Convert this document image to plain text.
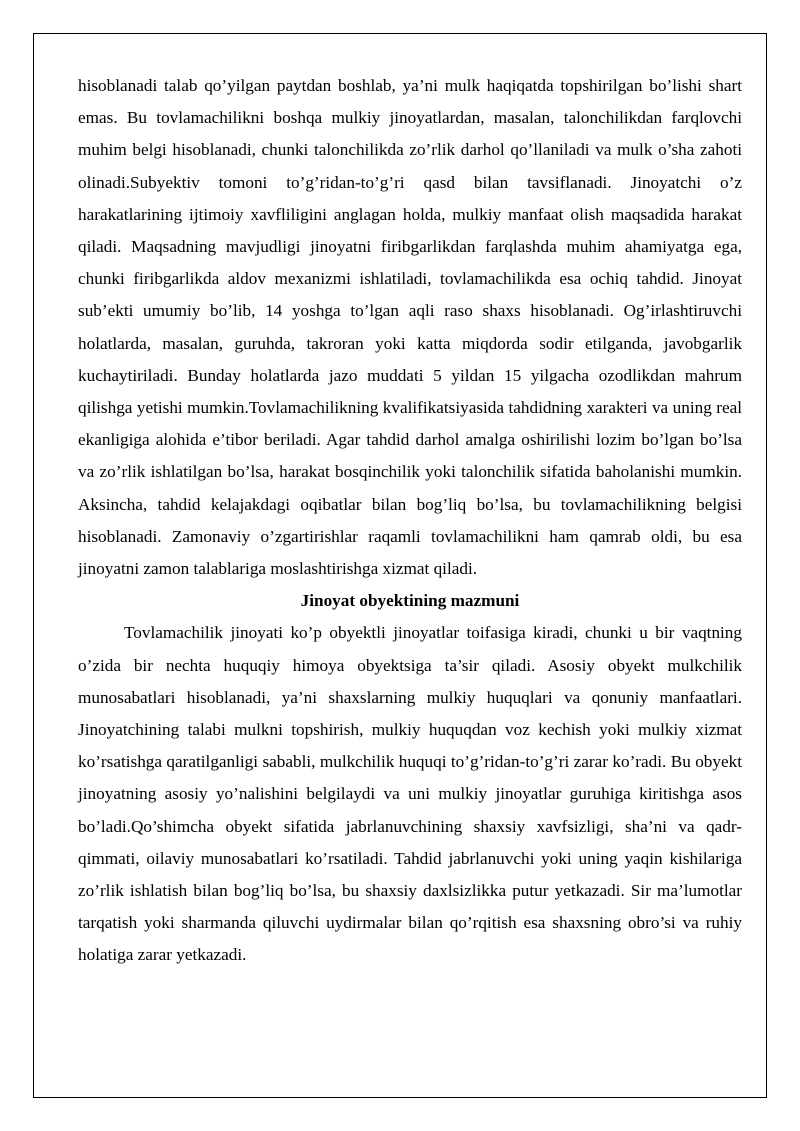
hisoblanadi talab qo’yilgan paytdan boshlab, ya’ni mulk haqiqatda topshirilgan bo’lishi shart emas. Bu tovlamachilikni boshqa mulkiy jinoyatlardan, masalan, talonchilikdan farqlovchi muhim belgi hisoblanadi, chunki talonchilikda zo’rlik darhol qo’llaniladi va mulk o’sha zahoti olinadi.Subyektiv tomoni to’g’ridan-to’g’ri qasd bilan tavsiflanadi. Jinoyatchi o’z harakatlarining ijtimoiy xavfliligini anglagan holda, mulkiy manfaat olish maqsadida harakat qiladi. Maqsadning mavjudligi jinoyatni firibgarlikdan farqlashda muhim ahamiyatga ega, chunki firibgarlikda aldov mexanizmi ishlatiladi, tovlamachilikda esa ochiq tahdid. Jinoyat sub’ekti umumiy bo’lib, 14 yoshga to’lgan aqli raso shaxs hisoblanadi. Og’irlashtiruvchi holatlarda, masalan, guruhda, takroran yoki katta miqdorda sodir etilganda, javobgarlik kuchaytiriladi. Bunday holatlarda jazo muddati 5 yildan 15 yilgacha ozodlikdan mahrum qilishga yetishi mumkin.Tovlamachilikning kvalifikatsiyasida tahdidning xarakteri va uning real ekanligiga alohida e’tibor beriladi. Agar tahdid darhol amalga oshirilishi lozim bo’lgan bo’lsa va zo’rlik ishlatilgan bo’lsa, harakat bosqinchilik yoki talonchilik sifatida baholanishi mumkin. Aksincha, tahdid kelajakdagi oqibatlar bilan bog’liq bo’lsa, bu tovlamachilikning belgisi hisoblanadi. Zamonaviy o’zgartirishlar raqamli tovlamachilikni ham qamrab oldi, bu esa jinoyatni zamon talablariga moslashtirishga xizmat qiladi.

Jinoyat obyektining mazmuni

Tovlamachilik jinoyati ko’p obyektli jinoyatlar toifasiga kiradi, chunki u bir vaqtning o’zida bir nechta huquqiy himoya obyektsiga ta’sir qiladi. Asosiy obyekt mulkchilik munosabatlari hisoblanadi, ya’ni shaxslarning mulkiy huquqlari va qonuniy manfaatlari. Jinoyatchining talabi mulkni topshirish, mulkiy huquqdan voz kechish yoki mulkiy xizmat ko’rsatishga qaratilganligi sababli, mulkchilik huquqi to’g’ridan-to’g’ri zarar ko’radi. Bu obyekt jinoyatning asosiy yo’nalishini belgilaydi va uni mulkiy jinoyatlar guruhiga kiritishga asos bo’ladi.Qo’shimcha obyekt sifatida jabrlanuvchining shaxsiy xavfsizligi, sha’ni va qadr-qimmati, oilaviy munosabatlari ko’rsatiladi. Tahdid jabrlanuvchi yoki uning yaqin kishilariga zo’rlik ishlatish bilan bog’liq bo’lsa, bu shaxsiy daxlsizlikka putur yetkazadi. Sir ma’lumotlar tarqatish yoki sharmanda qiluvchi uydirmalar bilan qo’rqitish esa shaxsning obro’si va ruhiy holatiga zarar yetkazadi.
